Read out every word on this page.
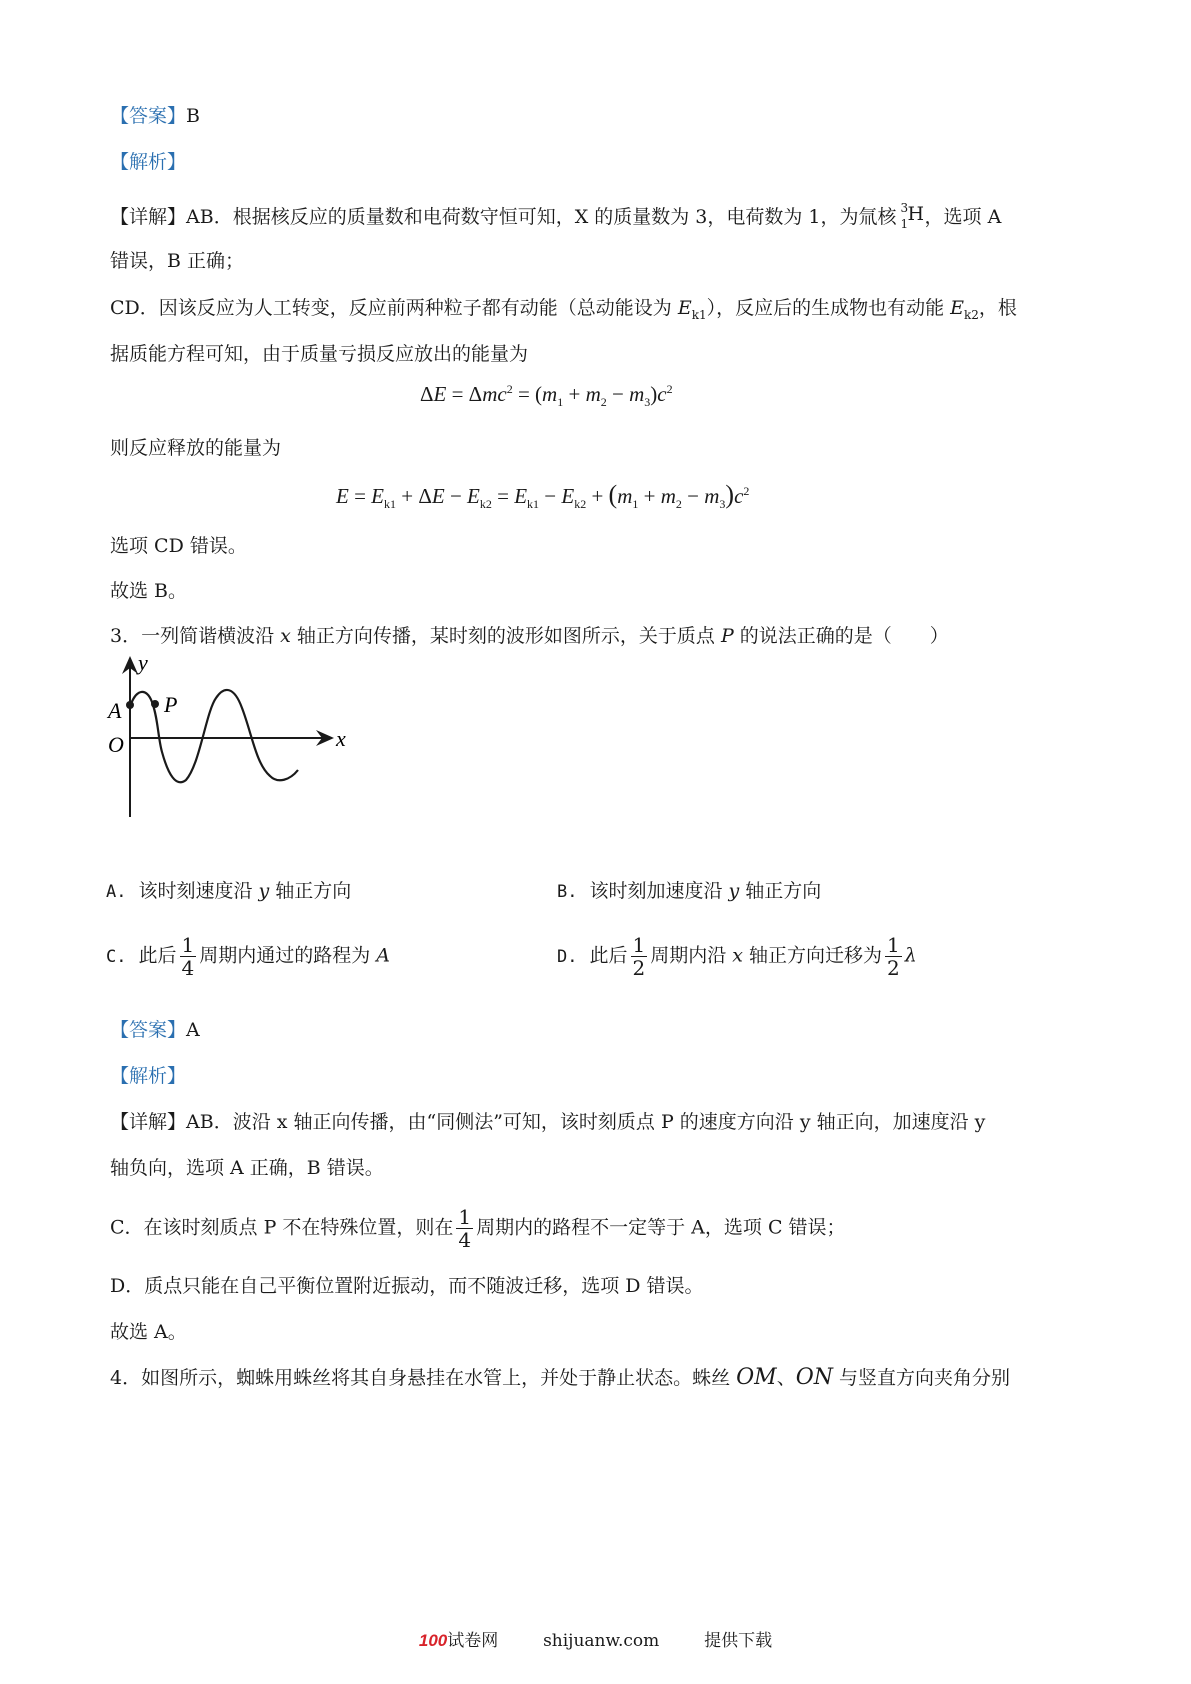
【答案】B
【解析】
【详解】AB．根据核反应的质量数和电荷数守恒可知，X 的质量数为 3，电荷数为 1，为氚核 3
1 H ，选项 A
错误，B 正确；
CD．因该反应为人工转变，反应前两种粒子都有动能（总动能设为 $E_{k1}$），反应后的生成物也有动能 $E_{k2}$，根
据质能方程可知，由于质量亏损反应放出的能量为
$\Delta E = \Delta mc^2 = (m_1 + m_2 - m_3)c^2$
则反应释放的能量为
$E = E_{k1} + \Delta E - E_{k2} = E_{k1} - E_{k2} + (m_1 + m_2 - m_3)c^2$
选项 CD 错误。
故选 B。
3．一列简谐横波沿 x 轴正方向传播，某时刻的波形如图所示，关于质点 P 的说法正确的是（　　）
y
x
O
A P
A. 该时刻速度沿 y 轴正方向	B. 该时刻加速度沿 y 轴正方向
C. 此后 $\frac{1}{4}$ 周期内通过的路程为 A	D. 此后 $\frac{1}{2}$ 周期内沿 x 轴正方向迁移为 $\frac{1}{2}$ λ
【答案】A
【解析】
【详解】AB．波沿 x 轴正向传播，由“同侧法”可知，该时刻质点 P 的速度方向沿 y 轴正向，加速度沿 y
轴负向，选项 A 正确，B 错误。
C．在该时刻质点 P 不在特殊位置，则在 $\frac{1}{4}$ 周期内的路程不一定等于 A，选项 C 错误；
D．质点只能在自己平衡位置附近振动，而不随波迁移，选项 D 错误。
故选 A。
4．如图所示，蜘蛛用蛛丝将其自身悬挂在水管上，并处于静止状态。蛛丝 OM、ON 与竖直方向夹角分别
100试卷网	shijuanw.com	提供下载
